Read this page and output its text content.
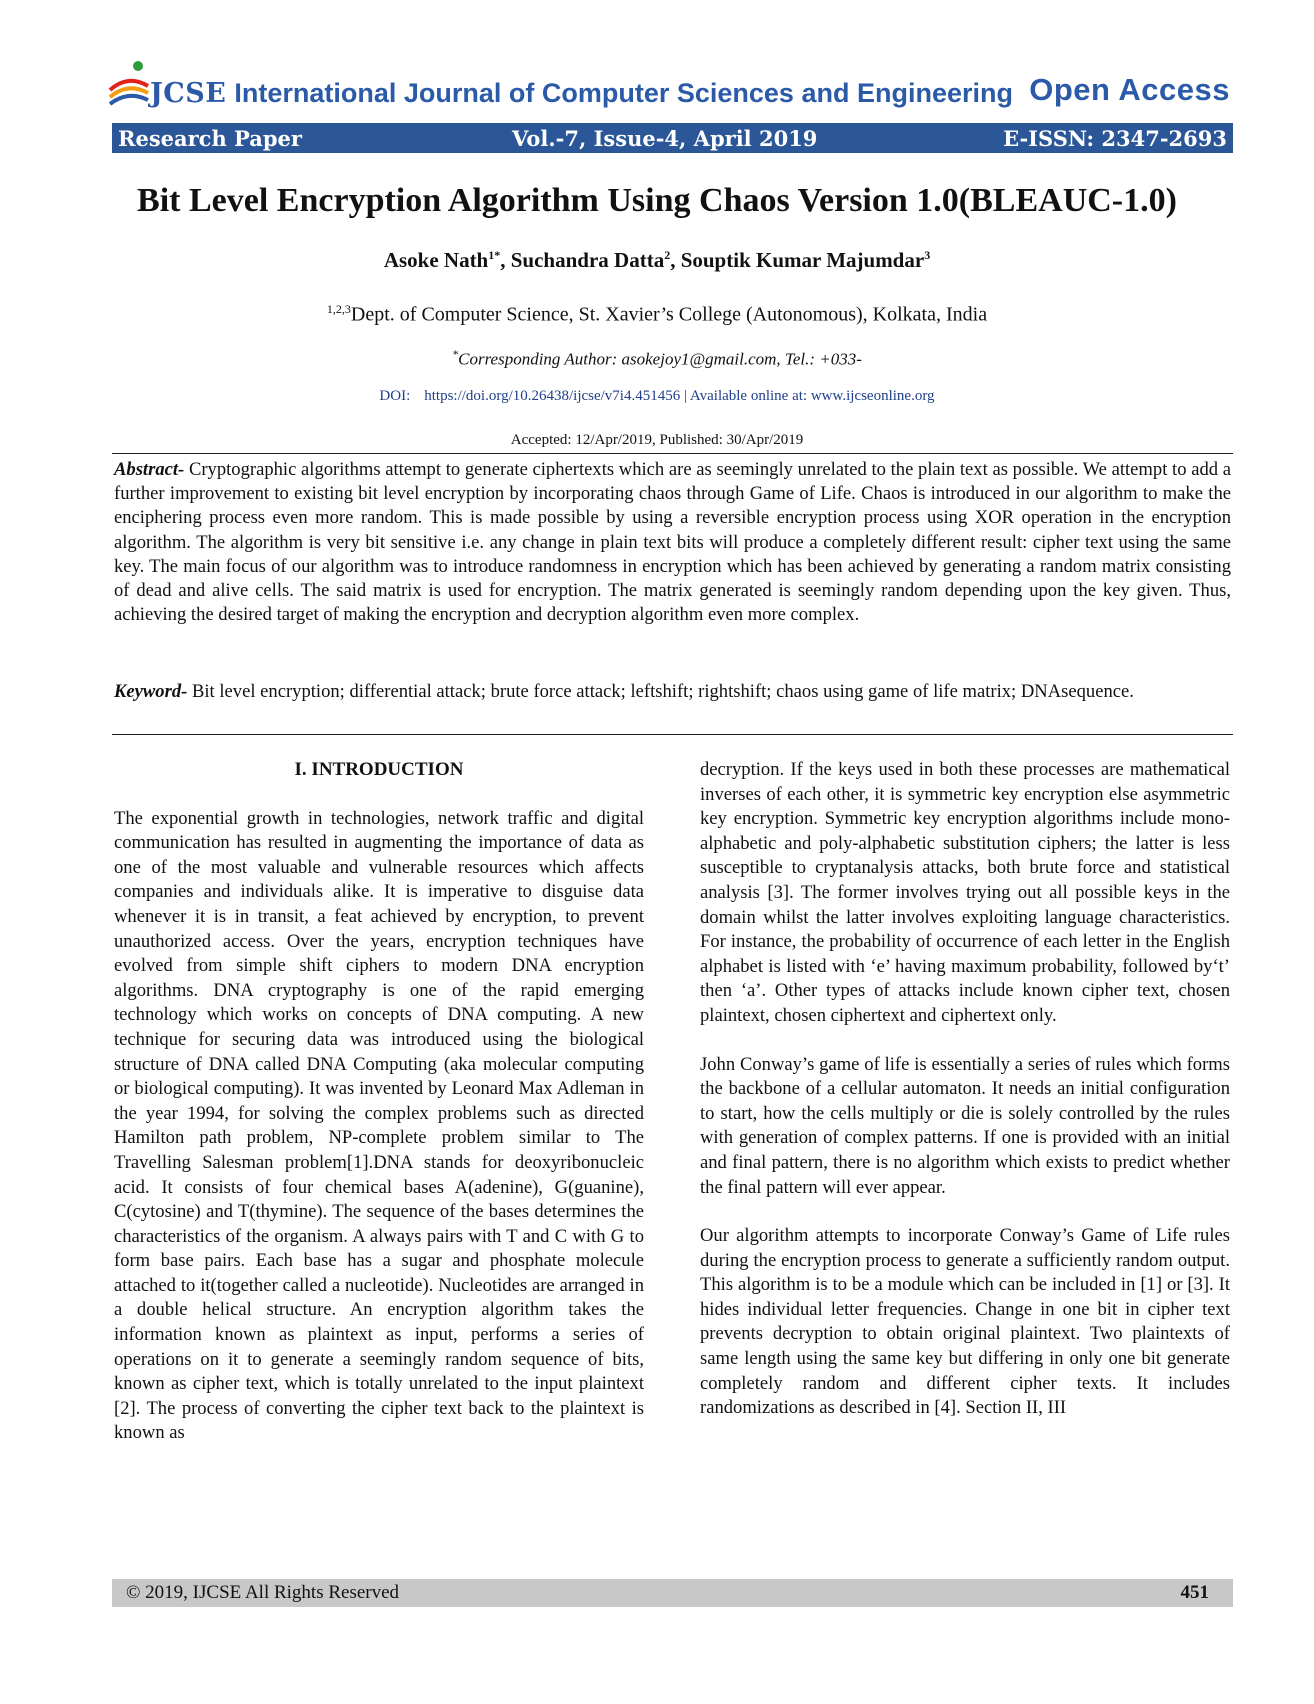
JCSE International Journal of Computer Sciences and Engineering Open Access
Research Paper	Vol.-7, Issue-4, April 2019	E-ISSN: 2347-2693
Bit Level Encryption Algorithm Using Chaos Version 1.0(BLEAUC-1.0)
Asoke Nath$^{1*}$, Suchandra Datta$^2$, Souptik Kumar Majumdar$^3$
$^{1,2,3}$Dept. of Computer Science, St. Xavier’s College (Autonomous), Kolkata, India
*Corresponding Author: asokejoy1@gmail.com, Tel.: +033-
DOI: https://doi.org/10.26438/ijcse/v7i4.451456 | Available online at: www.ijcseonline.org
Accepted: 12/Apr/2019, Published: 30/Apr/2019
Abstract- Cryptographic algorithms attempt to generate ciphertexts which are as seemingly unrelated to the plain text as possible. We attempt to add a further improvement to existing bit level encryption by incorporating chaos through Game of Life. Chaos is introduced in our algorithm to make the enciphering process even more random. This is made possible by using a reversible encryption process using XOR operation in the encryption algorithm. The algorithm is very bit sensitive i.e. any change in plain text bits will produce a completely different result: cipher text using the same key. The main focus of our algorithm was to introduce randomness in encryption which has been achieved by generating a random matrix consisting of dead and alive cells. The said matrix is used for encryption. The matrix generated is seemingly random depending upon the key given. Thus, achieving the desired target of making the encryption and decryption algorithm even more complex.
Keyword- Bit level encryption; differential attack; brute force attack; leftshift; rightshift; chaos using game of life matrix; DNAsequence.
I. INTRODUCTION

The exponential growth in technologies, network traffic and digital communication has resulted in augmenting the importance of data as one of the most valuable and vulnerable resources which affects companies and individuals alike. It is imperative to disguise data whenever it is in transit, a feat achieved by encryption, to prevent unauthorized access. Over the years, encryption techniques have evolved from simple shift ciphers to modern DNA encryption algorithms. DNA cryptography is one of the rapid emerging technology which works on concepts of DNA computing. A new technique for securing data was introduced using the biological structure of DNA called DNA Computing (aka molecular computing or biological computing). It was invented by Leonard Max Adleman in the year 1994, for solving the complex problems such as directed Hamilton path problem, NP-complete problem similar to The Travelling Salesman problem[1].DNA stands for deoxyribonucleic acid. It consists of four chemical bases A(adenine), G(guanine), C(cytosine) and T(thymine). The sequence of the bases determines the characteristics of the organism. A always pairs with T and C with G to form base pairs. Each base has a sugar and phosphate molecule attached to it(together called a nucleotide). Nucleotides are arranged in a double helical structure. An encryption algorithm takes the information known as plaintext as input, performs a series of operations on it to generate a seemingly random sequence of bits, known as cipher text, which is totally unrelated to the input plaintext [2]. The process of converting the cipher text back to the plaintext is known as

decryption. If the keys used in both these processes are mathematical inverses of each other, it is symmetric key encryption else asymmetric key encryption. Symmetric key encryption algorithms include mono-alphabetic and poly-alphabetic substitution ciphers; the latter is less susceptible to cryptanalysis attacks, both brute force and statistical analysis [3]. The former involves trying out all possible keys in the domain whilst the latter involves exploiting language characteristics. For instance, the probability of occurrence of each letter in the English alphabet is listed with ‘e’ having maximum probability, followed by‘t’ then ‘a’. Other types of attacks include known cipher text, chosen plaintext, chosen ciphertext and ciphertext only.

John Conway’s game of life is essentially a series of rules which forms the backbone of a cellular automaton. It needs an initial configuration to start, how the cells multiply or die is solely controlled by the rules with generation of complex patterns. If one is provided with an initial and final pattern, there is no algorithm which exists to predict whether the final pattern will ever appear.

Our algorithm attempts to incorporate Conway’s Game of Life rules during the encryption process to generate a sufficiently random output. This algorithm is to be a module which can be included in [1] or [3]. It hides individual letter frequencies. Change in one bit in cipher text prevents decryption to obtain original plaintext. Two plaintexts of same length using the same key but differing in only one bit generate completely random and different cipher texts. It includes randomizations as described in [4]. Section II, III

© 2019, IJCSE All Rights Reserved	451
